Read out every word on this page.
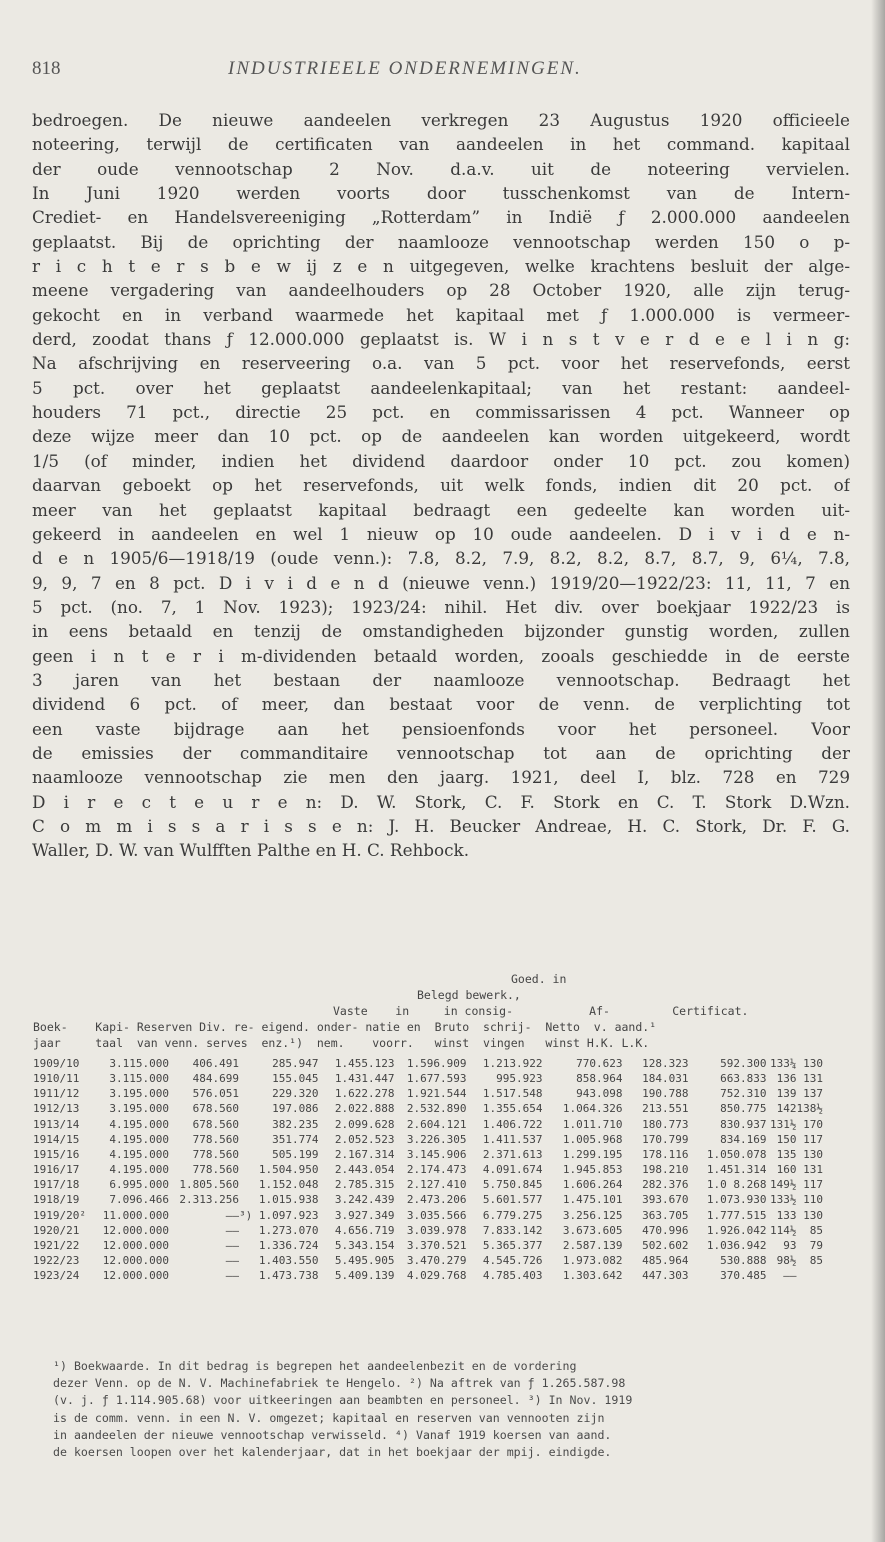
818	INDUSTRIEELE ONDERNEMINGEN.
bedroegen. De nieuwe aandeelen verkregen 23 Augustus 1920 officieele
noteering, terwijl de certificaten van aandeelen in het command. kapitaal
der oude vennootschap 2 Nov. d.a.v. uit de noteering vervielen.
In Juni 1920 werden voorts door tusschenkomst van de Intern-
Crediet- en Handelsvereeniging „Rotterdam” in Indië ƒ 2.000.000 aandeelen
geplaatst. Bij de oprichting der naamlooze vennootschap werden 150 o p-
r i c h t e r s b e w ij z e n uitgegeven, welke krachtens besluit der alge-
meene vergadering van aandeelhouders op 28 October 1920, alle zijn terug-
gekocht en in verband waarmede het kapitaal met ƒ 1.000.000 is vermeer-
derd, zoodat thans ƒ 12.000.000 geplaatst is. W i n s t v e r d e e l i n g:
Na afschrijving en reserveering o.a. van 5 pct. voor het reservefonds, eerst
5 pct. over het geplaatst aandeelenkapitaal; van het restant: aandeel-
houders 71 pct., directie 25 pct. en commissarissen 4 pct. Wanneer op
deze wijze meer dan 10 pct. op de aandeelen kan worden uitgekeerd, wordt
1/5 (of minder, indien het dividend daardoor onder 10 pct. zou komen)
daarvan geboekt op het reservefonds, uit welk fonds, indien dit 20 pct. of
meer van het geplaatst kapitaal bedraagt een gedeelte kan worden uit-
gekeerd in aandeelen en wel 1 nieuw op 10 oude aandeelen. D i v i d e n-
d e n 1905/6—1918/19 (oude venn.): 7.8, 8.2, 7.9, 8.2, 8.2, 8.7, 8.7, 9, 6¼, 7.8,
9, 9, 7 en 8 pct. D i v i d e n d (nieuwe venn.) 1919/20—1922/23: 11, 11, 7 en
5 pct. (no. 7, 1 Nov. 1923); 1923/24: nihil. Het div. over boekjaar 1922/23 is
in eens betaald en tenzij de omstandigheden bijzonder gunstig worden, zullen
geen i n t e r i m-dividenden betaald worden, zooals geschiedde in de eerste
3 jaren van het bestaan der naamlooze vennootschap. Bedraagt het
dividend 6 pct. of meer, dan bestaat voor de venn. de verplichting tot
een vaste bijdrage aan het pensioenfonds voor het personeel. Voor
de emissies der commanditaire vennootschap tot aan de oprichting der
naamlooze vennootschap zie men den jaarg. 1921, deel I, blz. 728 en 729
D i r e c t e u r e n: D. W. Stork, C. F. Stork en C. T. Stork D.Wzn.
C o m m i s s a r i s s e n: J. H. Beucker Andreae, H. C. Stork, Dr. F. G.
Waller, D. W. van Wulfften Palthe en H. C. Rehbock.
Goed. in
Belegd bewerk.,
Vaste    in     in consig-           Af-         Certificat.
Boek-    Kapi- Reserven Div. re- eigend. onder- natie en  Bruto  schrij-  Netto  v. aand.¹
jaar     taal  van venn. serves  enz.¹)  nem.    voorr.   winst  vingen   winst H.K. L.K.
1909/10	3.115.000	406.491	285.947	1.455.123	1.596.909	1.213.922	770.623	128.323	592.300	133¼	130
1910/11	3.115.000	484.699	155.045	1.431.447	1.677.593	995.923	858.964	184.031	663.833	136	131
1911/12	3.195.000	576.051	229.320	1.622.278	1.921.544	1.517.548	943.098	190.788	752.310	139	137
1912/13	3.195.000	678.560	197.086	2.022.888	2.532.890	1.355.654	1.064.326	213.551	850.775	142	138½
1913/14	4.195.000	678.560	382.235	2.099.628	2.604.121	1.406.722	1.011.710	180.773	830.937	131½	170
1914/15	4.195.000	778.560	351.774	2.052.523	3.226.305	1.411.537	1.005.968	170.799	834.169	150	117
1915/16	4.195.000	778.560	505.199	2.167.314	3.145.906	2.371.613	1.299.195	178.116	1.050.078	135	130
1916/17	4.195.000	778.560	1.504.950	2.443.054	2.174.473	4.091.674	1.945.853	198.210	1.451.314	160	131
1917/18	6.995.000	1.805.560	1.152.048	2.785.315	2.127.410	5.750.845	1.606.264	282.376	1.0 8.268	149½	117
1918/19	7.096.466	2.313.256	1.015.938	3.242.439	2.473.206	5.601.577	1.475.101	393.670	1.073.930	133½	110
1919/20²	11.000.000	——	³) 1.097.923	3.927.349	3.035.566	6.779.275	3.256.125	363.705	1.777.515	133	130
1920/21	12.000.000	——	1.273.070	4.656.719	3.039.978	7.833.142	3.673.605	470.996	1.926.042	114½	85
1921/22	12.000.000	——	1.336.724	5.343.154	3.370.521	5.365.377	2.587.139	502.602	1.036.942	93	79
1922/23	12.000.000	——	1.403.550	5.495.905	3.470.279	4.545.726	1.973.082	485.964	530.888	98½	85
1923/24	12.000.000	——	1.473.738	5.409.139	4.029.768	4.785.403	1.303.642	447.303	370.485	——	
¹) Boekwaarde. In dit bedrag is begrepen het aandeelenbezit en de vordering
dezer Venn. op de N. V. Machinefabriek te Hengelo. ²) Na aftrek van ƒ 1.265.587.98
(v. j. ƒ 1.114.905.68) voor uitkeeringen aan beambten en personeel. ³) In Nov. 1919
is de comm. venn. in een N. V. omgezet; kapitaal en reserven van vennooten zijn
in aandeelen der nieuwe vennootschap verwisseld. ⁴) Vanaf 1919 koersen van aand.
de koersen loopen over het kalenderjaar, dat in het boekjaar der mpij. eindigde.
